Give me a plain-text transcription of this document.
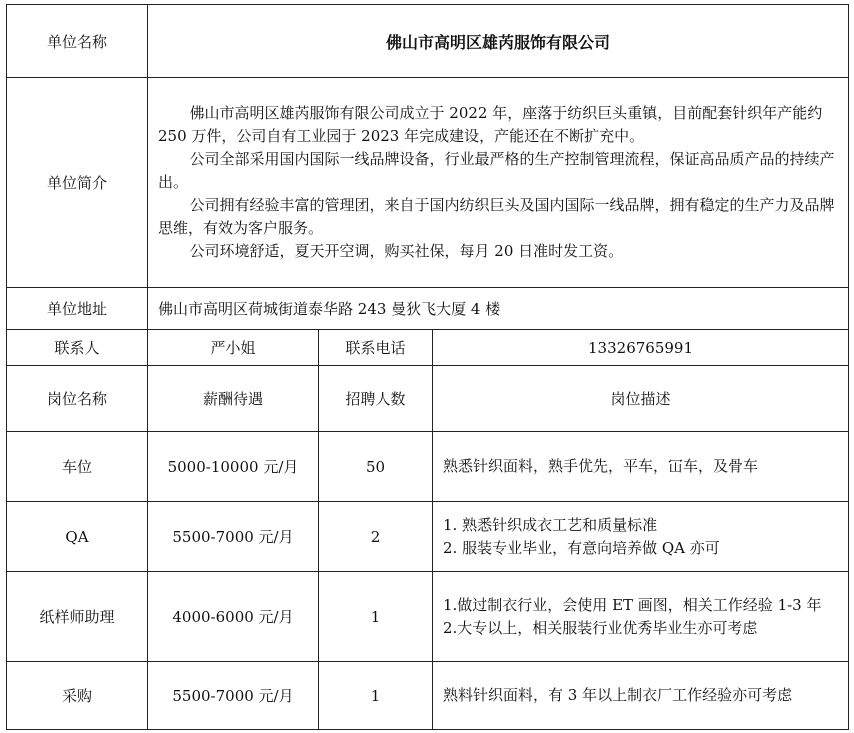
单位名称	佛山市高明区雄芮服饰有限公司		
单位简介	佛山市高明区雄芮服饰有限公司成立于 2022 年，座落于纺织巨头重镇，目前配套针织年产能约 250 万件，公司自有工业园于 2023 年完成建设，产能还在不断扩充中。
公司全部采用国内国际一线品牌设备，行业最严格的生产控制管理流程，保证高品质产品的持续产出。
公司拥有经验丰富的管理团，来自于国内纺织巨头及国内国际一线品牌，拥有稳定的生产力及品牌思维，有效为客户服务。
公司环境舒适，夏天开空调，购买社保，每月 20 日准时发工资。		

单位地址	佛山市高明区荷城街道泰华路 243 曼狄飞大厦 4 楼		
联系人	严小姐	联系电话	13326765991
岗位名称	薪酬待遇	招聘人数	岗位描述
车位	5000-10000 元/月	50	熟悉针织面料，熟手优先，平车，冚车，及骨车

QA	5500-7000 元/月	2	1. 熟悉针织成衣工艺和质量标准
2. 服装专业毕业，有意向培养做 QA 亦可

纸样师助理	4000-6000 元/月	1	1.做过制衣行业，会使用 ET 画图，相关工作经验 1-3 年
2.大专以上，相关服装行业优秀毕业生亦可考虑

采购	5500-7000 元/月	1	熟料针织面料，有 3 年以上制衣厂工作经验亦可考虑
